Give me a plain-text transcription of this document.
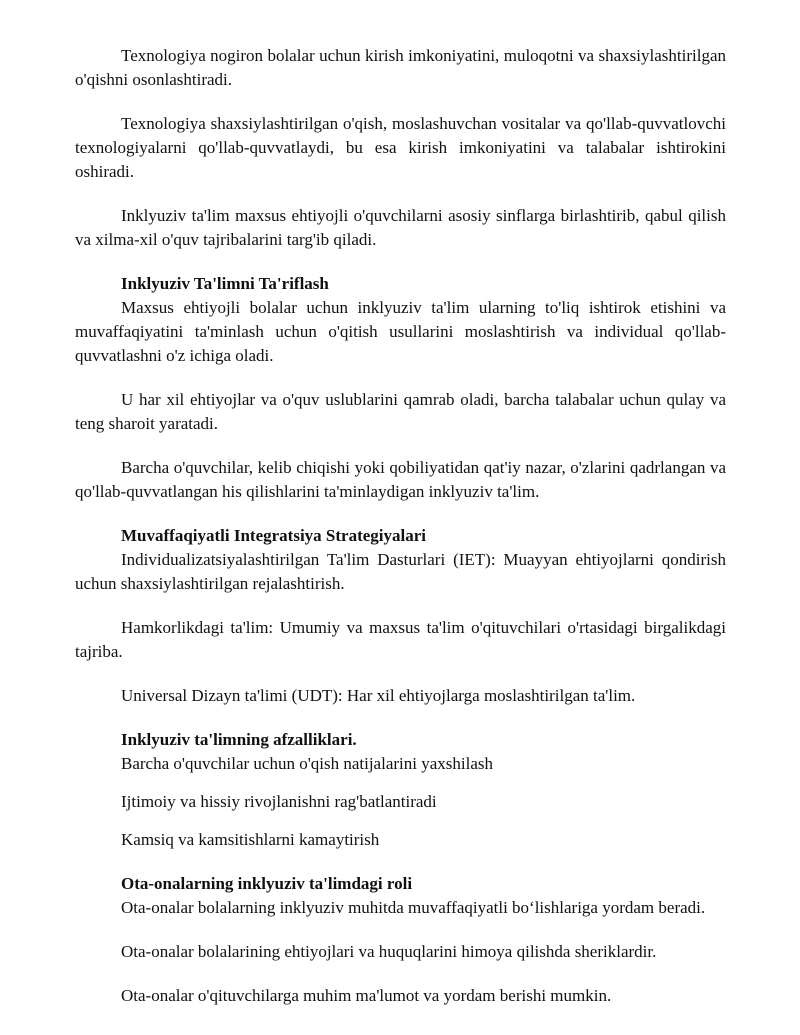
Texnologiya nogiron bolalar uchun kirish imkoniyatini, muloqotni va shaxsiylashtirilgan o'qishni osonlashtiradi.

Texnologiya shaxsiylashtirilgan o'qish, moslashuvchan vositalar va qo'llab-quvvatlovchi texnologiyalarni qo'llab-quvvatlaydi, bu esa kirish imkoniyatini va talabalar ishtirokini oshiradi.

Inklyuziv ta'lim maxsus ehtiyojli o'quvchilarni asosiy sinflarga birlashtirib, qabul qilish va xilma-xil o'quv tajribalarini targ'ib qiladi.

Inklyuziv Ta'limni Ta'riflash

Maxsus ehtiyojli bolalar uchun inklyuziv ta'lim ularning to'liq ishtirok etishini va muvaffaqiyatini ta'minlash uchun o'qitish usullarini moslashtirish va individual qo'llab-quvvatlashni o'z ichiga oladi.

U har xil ehtiyojlar va o'quv uslublarini qamrab oladi, barcha talabalar uchun qulay va teng sharoit yaratadi.

Barcha o'quvchilar, kelib chiqishi yoki qobiliyatidan qat'iy nazar, o'zlarini qadrlangan va qo'llab-quvvatlangan his qilishlarini ta'minlaydigan inklyuziv ta'lim.

Muvaffaqiyatli Integratsiya Strategiyalari

Individualizatsiyalashtirilgan Ta'lim Dasturlari (IET): Muayyan ehtiyojlarni qondirish uchun shaxsiylashtirilgan rejalashtirish.

Hamkorlikdagi ta'lim: Umumiy va maxsus ta'lim o'qituvchilari o'rtasidagi birgalikdagi tajriba.

Universal Dizayn ta'limi (UDT): Har xil ehtiyojlarga moslashtirilgan ta'lim.

Inklyuziv ta'limning afzalliklari.

Barcha o'quvchilar uchun o'qish natijalarini yaxshilash

Ijtimoiy va hissiy rivojlanishni rag'batlantiradi

Kamsiq va kamsitishlarni kamaytirish

Ota-onalarning inklyuziv ta'limdagi roli

Ota-onalar bolalarning inklyuziv muhitda muvaffaqiyatli boʻlishlariga yordam beradi.

Ota-onalar bolalarining ehtiyojlari va huquqlarini himoya qilishda sheriklardir.

Ota-onalar o'qituvchilarga muhim ma'lumot va yordam berishi mumkin.
